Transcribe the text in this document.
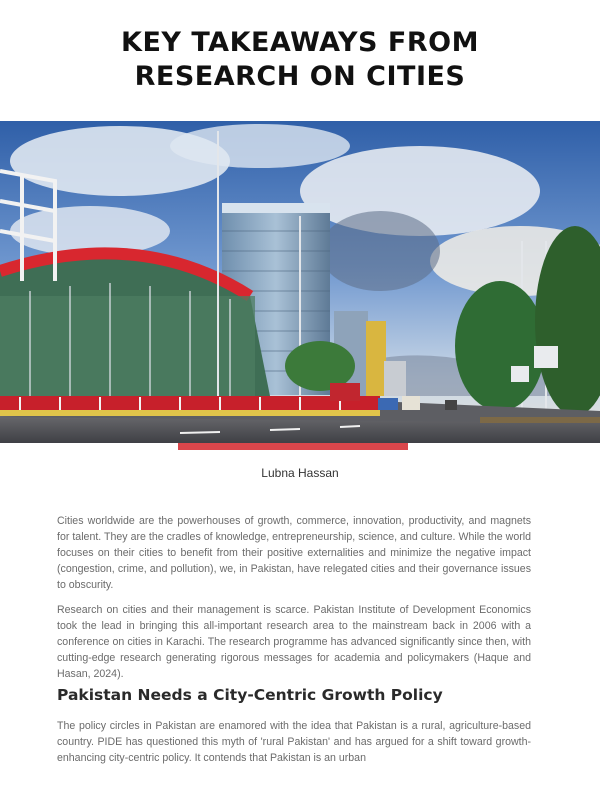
KEY TAKEAWAYS FROM
RESEARCH ON CITIES
Lubna Hassan

Cities worldwide are the powerhouses of growth, commerce, innovation, productivity, and magnets for talent. They are the cradles of knowledge, entrepreneurship, science, and culture. While the world focuses on their cities to benefit from their positive externalities and minimize the negative impact (congestion, crime, and pollution), we, in Pakistan, have relegated cities and their governance issues to obscurity.

Research on cities and their management is scarce. Pakistan Institute of Development Economics took the lead in bringing this all-important research area to the mainstream back in 2006 with a conference on cities in Karachi. The research programme has advanced significantly since then, with cutting-edge research generating rigorous messages for academia and policymakers (Haque and Hasan, 2024).

Pakistan Needs a City-Centric Growth Policy

The policy circles in Pakistan are enamored with the idea that Pakistan is a rural, agriculture-based country. PIDE has questioned this myth of 'rural Pakistan' and has argued for a shift toward growth-enhancing city-centric policy. It contends that Pakistan is an urban
